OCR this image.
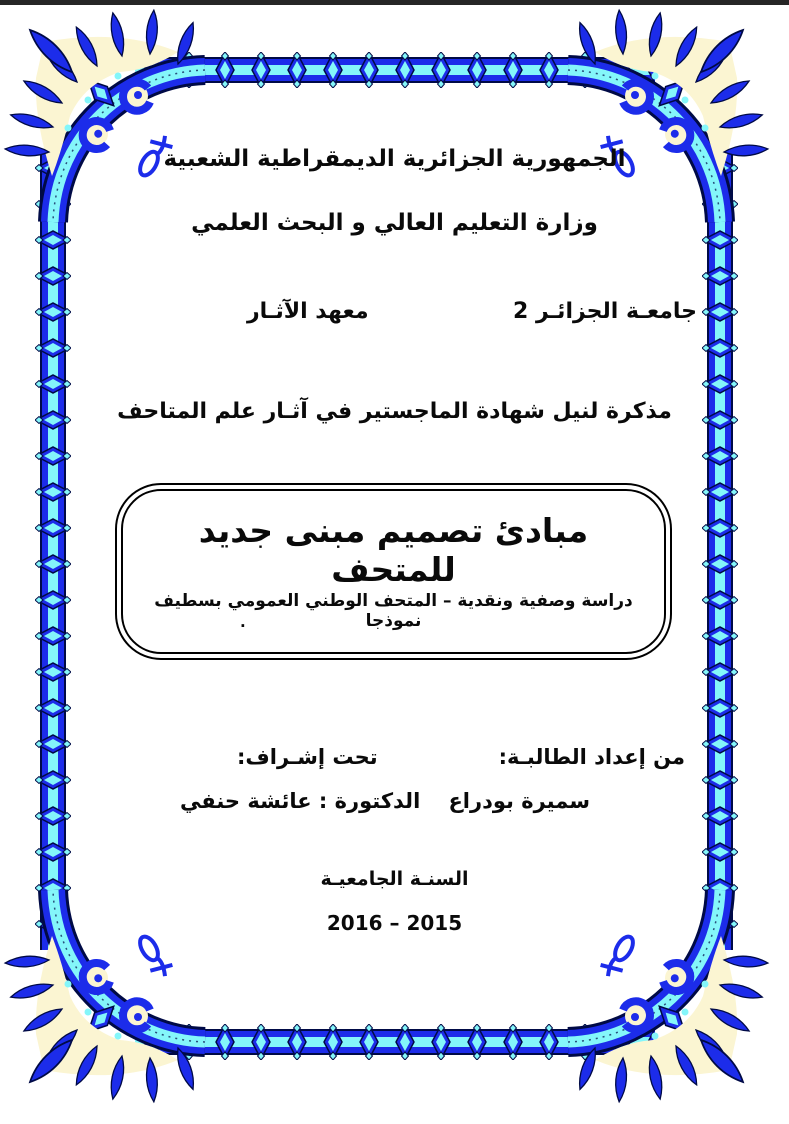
الجمهورية الجزائرية الديمقراطية الشعبية
وزارة التعليم العالي و البحث العلمي
جامعـة الجزائـر 2
معهد الآثـار
مذكرة لنيل شهادة الماجستير في آثـار علم المتاحف
مبادئ تصميم مبنى جديد للمتحف
دراسة وصفية ونقدية – المتحف الوطني العمومي بسطيف نموذجا
.
من إعداد الطالبـة:
تحت إشـراف:
سميرة بودراع
الدكتورة : عائشة حنفي
السنـة الجامعيـة
2015 – 2016
